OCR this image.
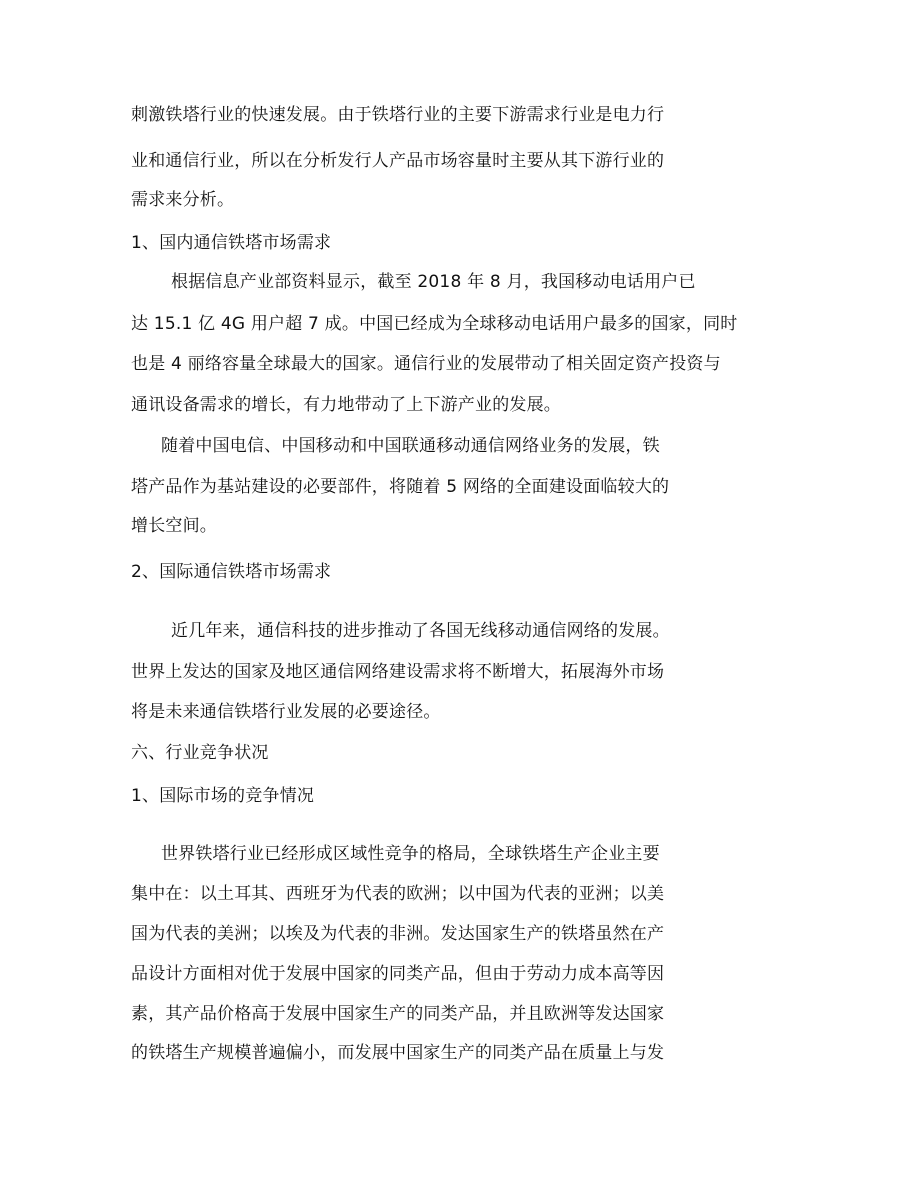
刺激铁塔行业的快速发展。由于铁塔行业的主要下游需求行业是电力行
业和通信行业，所以在分析发行人产品市场容量时主要从其下游行业的
需求来分析。
1、国内通信铁塔市场需求
根据信息产业部资料显示，截至 2018 年 8 月，我国移动电话用户已
达 15.1 亿 4G 用户超 7 成。中国已经成为全球移动电话用户最多的国家，同时
也是 4 丽络容量全球最大的国家。通信行业的发展带动了相关固定资产投资与
通讯设备需求的增长，有力地带动了上下游产业的发展。
随着中国电信、中国移动和中国联通移动通信网络业务的发展，铁
塔产品作为基站建设的必要部件，将随着 5 网络的全面建设面临较大的
增长空间。
2、国际通信铁塔市场需求
近几年来，通信科技的进步推动了各国无线移动通信网络的发展。
世界上发达的国家及地区通信网络建设需求将不断增大，拓展海外市场
将是未来通信铁塔行业发展的必要途径。
六、行业竞争状况
1、国际市场的竞争情况
世界铁塔行业已经形成区域性竞争的格局，全球铁塔生产企业主要
集中在：以土耳其、西班牙为代表的欧洲；以中国为代表的亚洲；以美
国为代表的美洲；以埃及为代表的非洲。发达国家生产的铁塔虽然在产
品设计方面相对优于发展中国家的同类产品，但由于劳动力成本高等因
素，其产品价格高于发展中国家生产的同类产品，并且欧洲等发达国家
的铁塔生产规模普遍偏小，而发展中国家生产的同类产品在质量上与发
